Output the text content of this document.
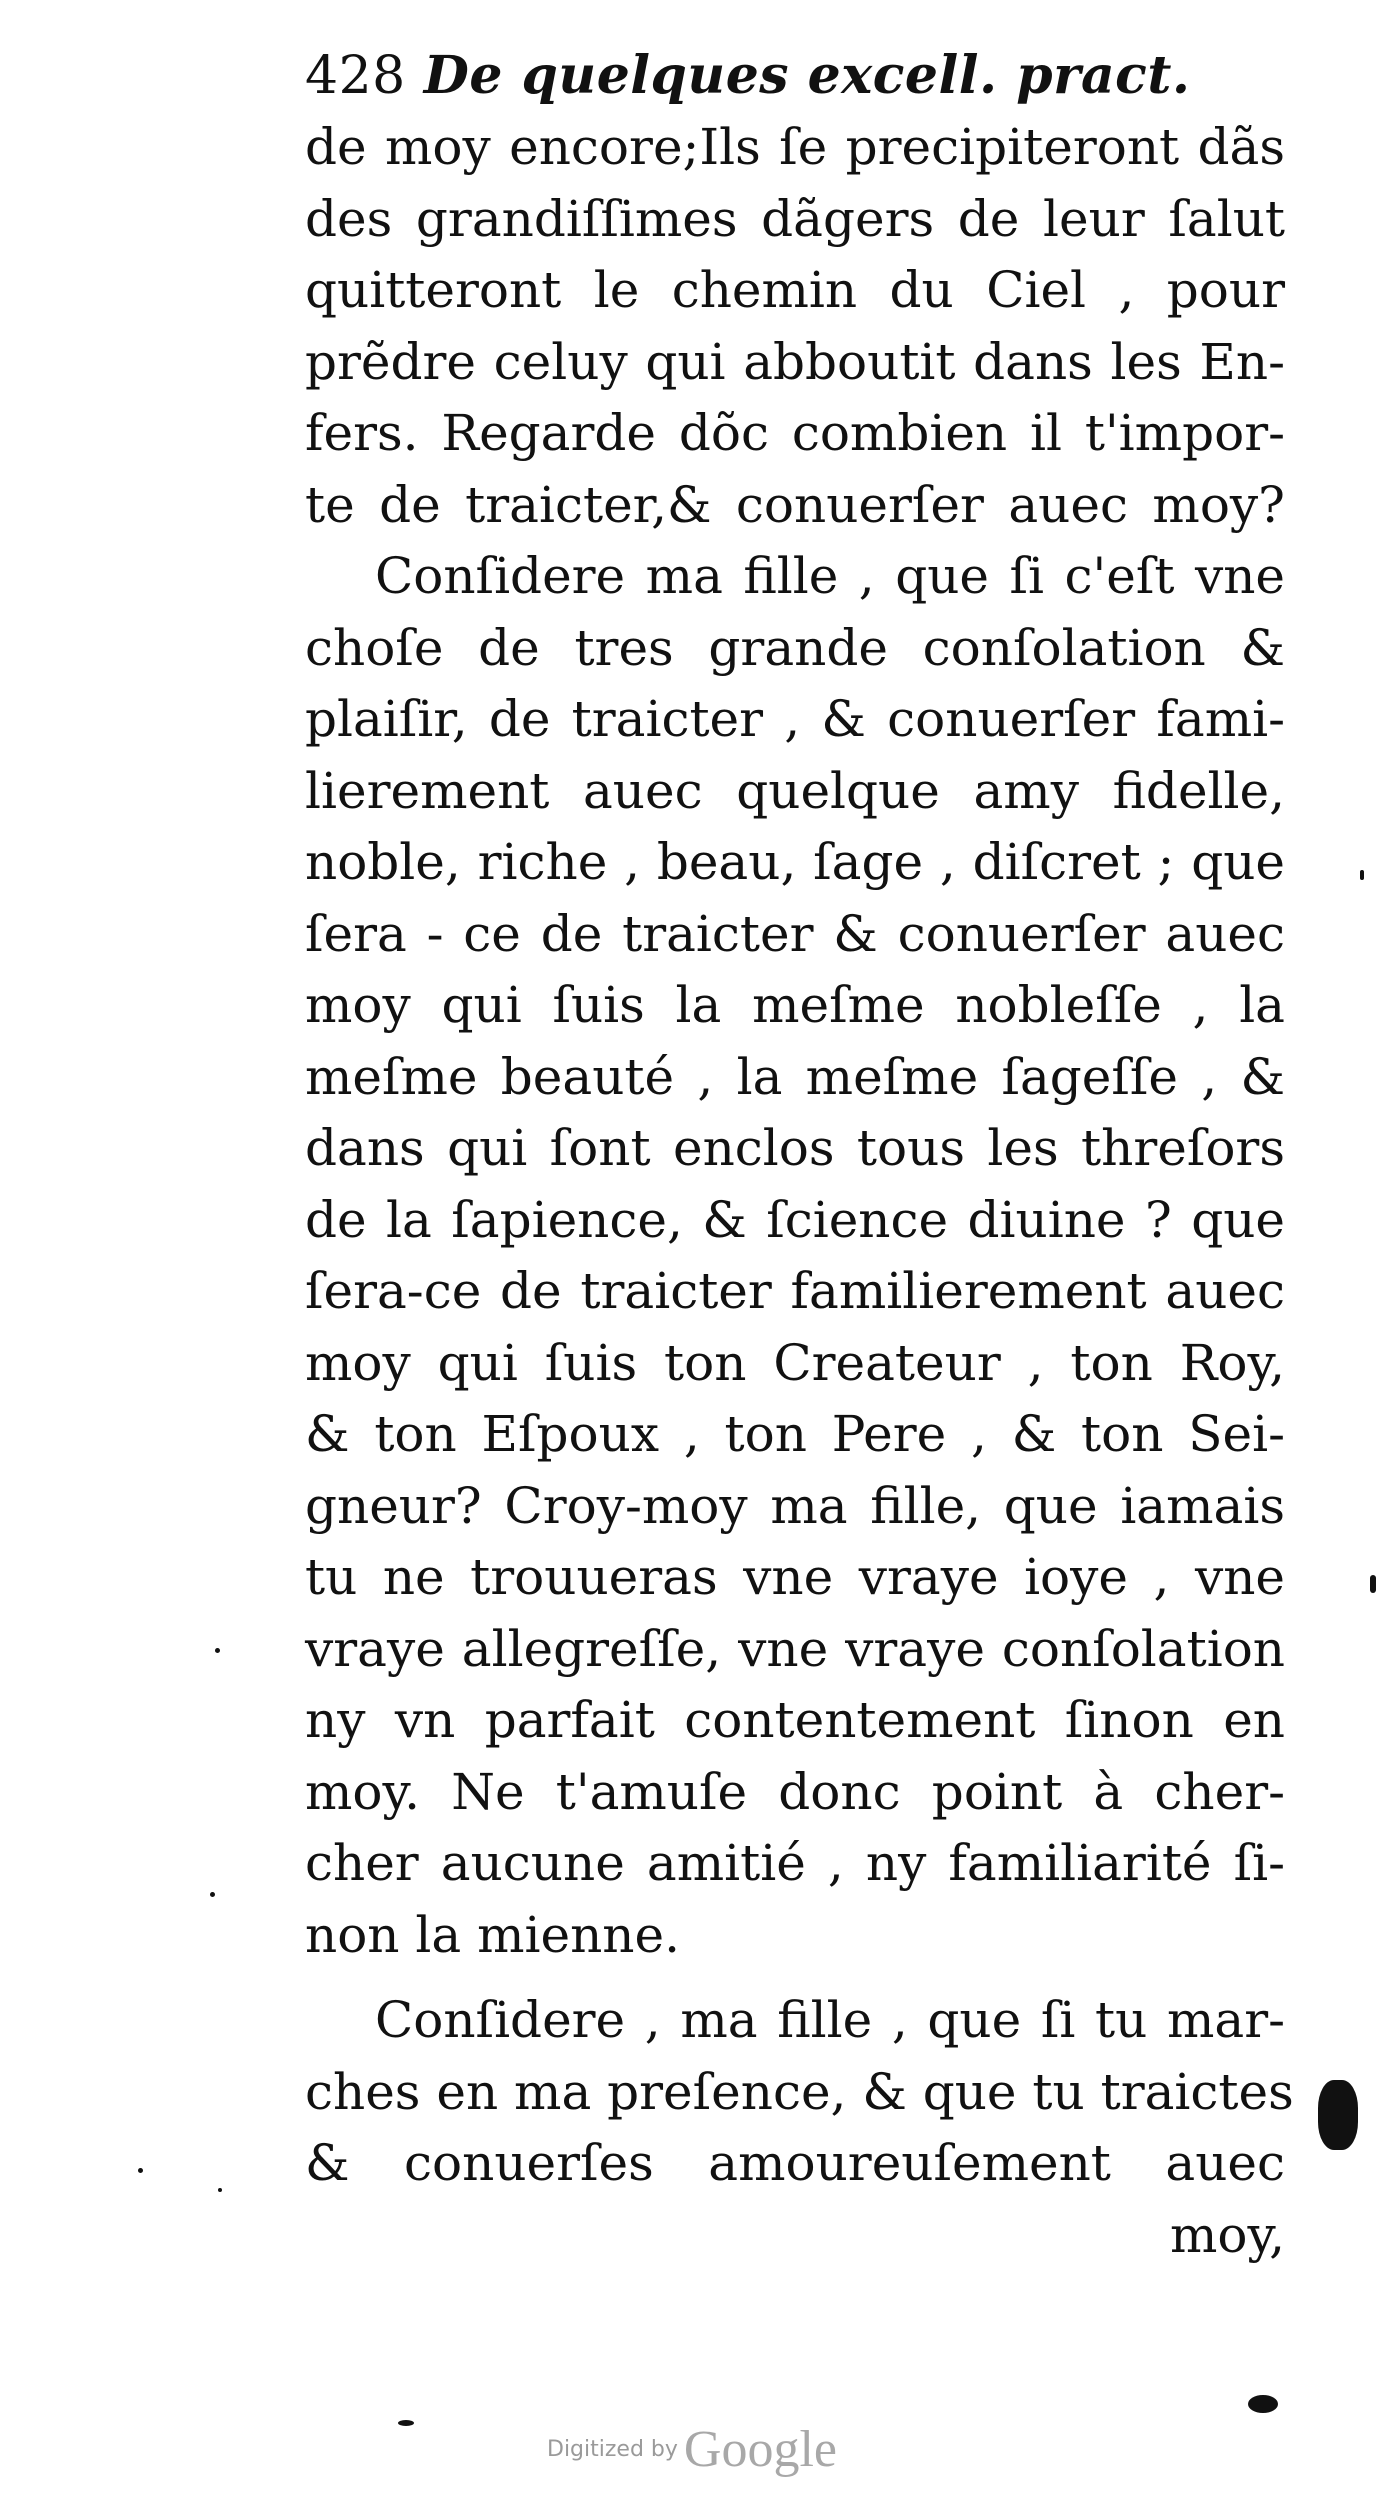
428 De quelques excell. pract.
de moy encore;Ils ſe precipiteront dãs
des grandiſſimes dãgers de leur ſalut
quitteront le chemin du Ciel , pour
prẽdre celuy qui abboutit dans les En-
fers. Regarde dõc combien il t'impor-
te de traicter,& conuerſer auec moy?
Conſidere ma fille , que ſi c'eſt vne
choſe de tres grande conſolation &
plaiſir, de traicter , & conuerſer fami-
lierement auec quelque amy fidelle,
noble, riche , beau, ſage , diſcret ; que
ſera - ce de traicter & conuerſer auec
moy qui ſuis la meſme nobleſſe , la
meſme beauté , la meſme ſageſſe , &
dans qui ſont enclos tous les threſors
de la ſapience, & ſcience diuine ? que
ſera-ce de traicter familierement auec
moy qui ſuis ton Createur , ton Roy,
& ton Eſpoux , ton Pere , & ton Sei-
gneur? Croy-moy ma fille, que iamais
tu ne trouueras vne vraye ioye , vne
vraye allegreſſe, vne vraye conſolation
ny vn parfait contentement ſinon en
moy. Ne t'amuſe donc point à cher-
cher aucune amitié , ny familiarité ſi-
non la mienne.
Conſidere , ma fille , que ſi tu mar-
ches en ma preſence, & que tu traictes
& conuerſes amoureuſement auec
moy,
Digitized by Google
